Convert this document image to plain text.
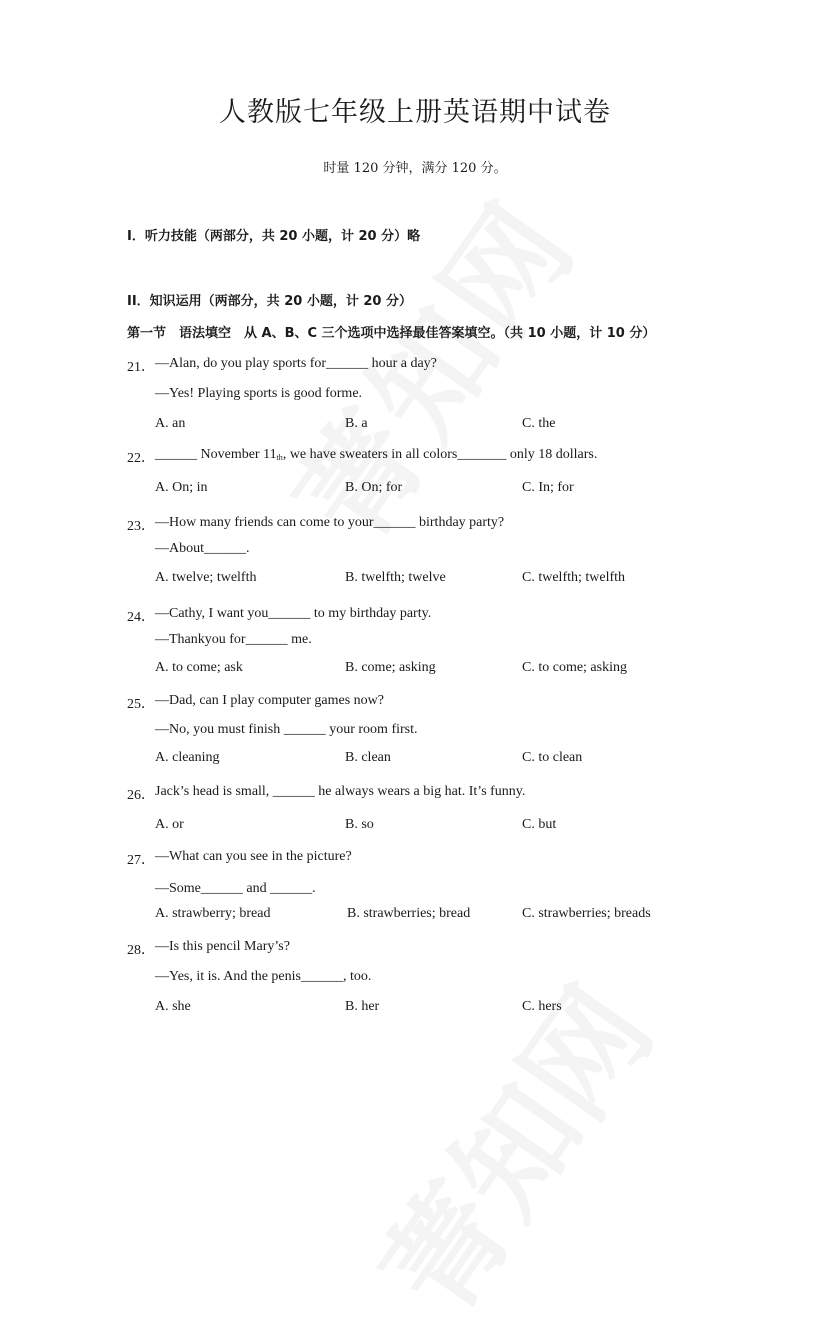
人教版七年级上册英语期中试卷
时量 120 分钟，满分 120 分。
I．听力技能（两部分，共 20 小题，计 20 分）略
II．知识运用（两部分，共 20 小题，计 20 分）
第一节　语法填空　从 A、B、C 三个选项中选择最佳答案填空。（共 10 小题，计 10 分）
21． —Alan, do you play sports for______ hour a day?
—Yes! Playing sports is good forme.
A. an	B. a	C. the
22． ______ November $11_{th}$, we have sweaters in all colors_______ only 18 dollars.
A. On; in	B. On; for	C. In; for
23． —How many friends can come to your______ birthday party?
—About______.
A. twelve; twelfth	B. twelfth; twelve	C. twelfth; twelfth
24． —Cathy, I want you______ to my birthday party.
—Thankyou for______ me.
A. to come; ask	B. come; asking	C. to come; asking
25． —Dad, can I play computer games now?
—No, you must finish ______ your room first.
A. cleaning	B. clean	C. to clean
26． Jack’s head is small, ______ he always wears a big hat. It’s funny.
A. or	B. so	C. but
27． —What can you see in the picture?
—Some______ and ______.
A. strawberry; bread	B. strawberries; bread	C. strawberries; breads
28． —Is this pencil Mary’s?
—Yes, it is. And the penis______, too.
A. she	B. her	C. hers
